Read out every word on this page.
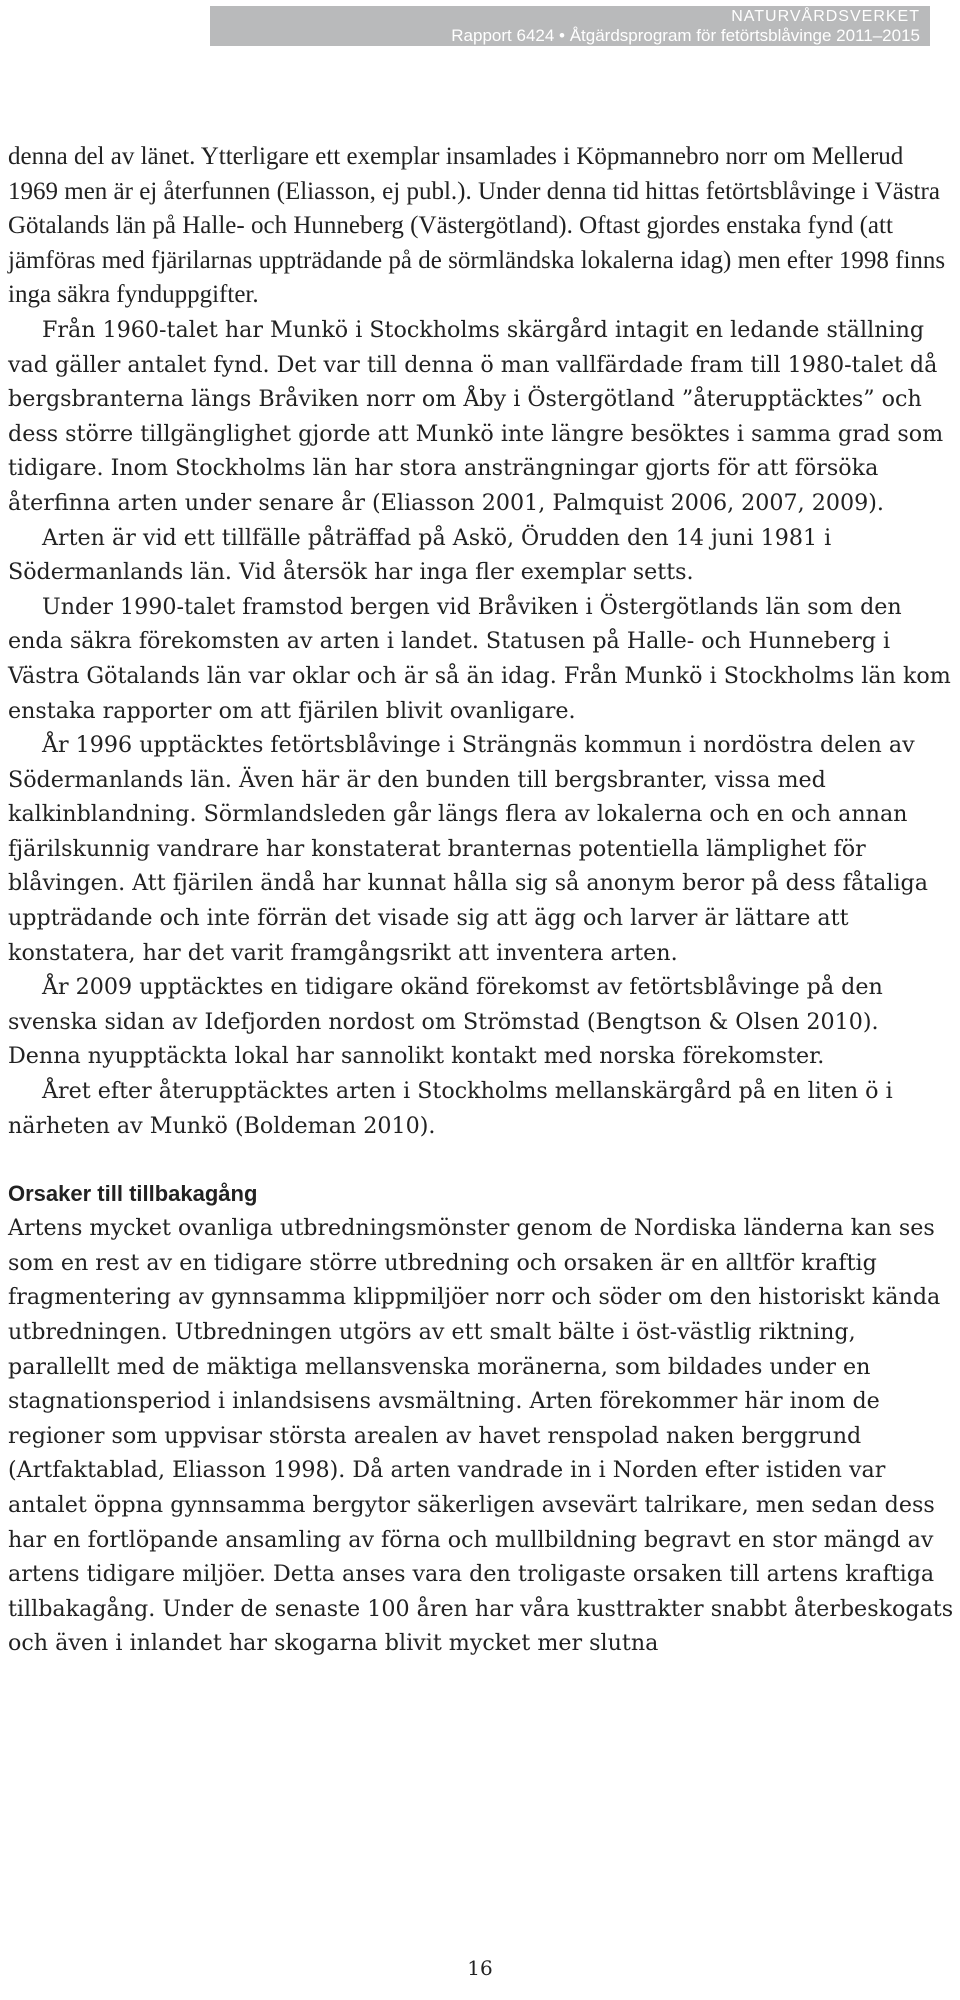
NATURVÅRDSVERKET
Rapport 6424 • Åtgärdsprogram för fetörtsblåvinge 2011–2015

denna del av länet. Ytterligare ett exemplar insamlades i Köpmannebro norr om Mellerud 1969 men är ej återfunnen (Eliasson, ej publ.). Under denna tid hittas fetörtsblåvinge i Västra Götalands län på Halle- och Hunneberg (Västergötland). Oftast gjordes enstaka fynd (att jämföras med fjärilarnas uppträdande på de sörmländska lokalerna idag) men efter 1998 finns inga säkra fynduppgifter.

Från 1960-talet har Munkö i Stockholms skärgård intagit en ledande ställning vad gäller antalet fynd. Det var till denna ö man vallfärdade fram till 1980-talet då bergsbranterna längs Bråviken norr om Åby i Östergötland ”återupptäcktes” och dess större tillgänglighet gjorde att Munkö inte längre besöktes i samma grad som tidigare. Inom Stockholms län har stora ansträngningar gjorts för att försöka återfinna arten under senare år (Eliasson 2001, Palmquist 2006, 2007, 2009).

Arten är vid ett tillfälle påträffad på Askö, Örudden den 14 juni 1981 i Södermanlands län. Vid återsök har inga fler exemplar setts.

Under 1990-talet framstod bergen vid Bråviken i Östergötlands län som den enda säkra förekomsten av arten i landet. Statusen på Halle- och Hunneberg i Västra Götalands län var oklar och är så än idag. Från Munkö i Stockholms län kom enstaka rapporter om att fjärilen blivit ovanligare.

År 1996 upptäcktes fetörtsblåvinge i Strängnäs kommun i nordöstra delen av Södermanlands län. Även här är den bunden till bergsbranter, vissa med kalkinblandning. Sörmlandsleden går längs flera av lokalerna och en och annan fjärilskunnig vandrare har konstaterat branternas potentiella lämplighet för blåvingen. Att fjärilen ändå har kunnat hålla sig så anonym beror på dess fåtaliga uppträdande och inte förrän det visade sig att ägg och larver är lättare att konstatera, har det varit framgångsrikt att inventera arten.

År 2009 upptäcktes en tidigare okänd förekomst av fetörtsblåvinge på den svenska sidan av Idefjorden nordost om Strömstad (Bengtson & Olsen 2010). Denna nyupptäckta lokal har sannolikt kontakt med norska förekomster.

Året efter återupptäcktes arten i Stockholms mellanskärgård på en liten ö i närheten av Munkö (Boldeman 2010).

Orsaker till tillbakagång

Artens mycket ovanliga utbredningsmönster genom de Nordiska länderna kan ses som en rest av en tidigare större utbredning och orsaken är en alltför kraftig fragmentering av gynnsamma klippmiljöer norr och söder om den historiskt kända utbredningen. Utbredningen utgörs av ett smalt bälte i öst-västlig riktning, parallellt med de mäktiga mellansvenska moränerna, som bildades under en stagnationsperiod i inlandsisens avsmältning. Arten förekommer här inom de regioner som uppvisar största arealen av havet renspolad naken berggrund (Artfaktablad, Eliasson 1998). Då arten vandrade in i Norden efter istiden var antalet öppna gynnsamma bergytor säkerligen avsevärt talrikare, men sedan dess har en fortlöpande ansamling av förna och mullbildning begravt en stor mängd av artens tidigare miljöer. Detta anses vara den troligaste orsaken till artens kraftiga tillbakagång. Under de senaste 100 åren har våra kusttrakter snabbt återbeskogats och även i inlandet har skogarna blivit mycket mer slutna

16
